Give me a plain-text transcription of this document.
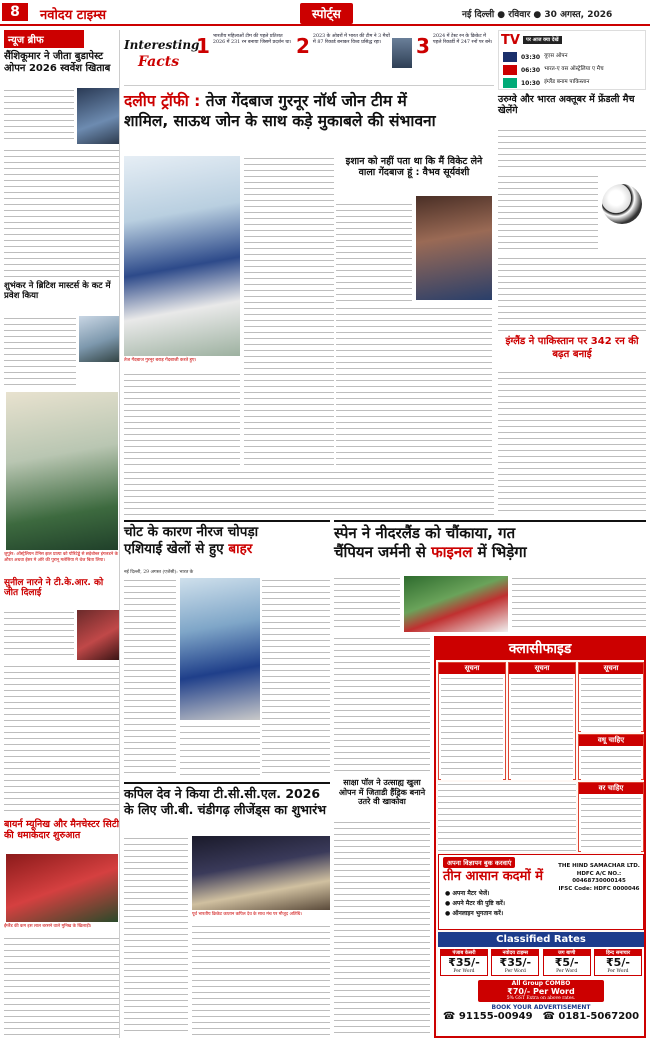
8	नवोदय टाइम्स	स्पोर्ट्स	नई दिल्ली ● रविवार ● 30 अगस्त, 2026
न्यूज ब्रीफ
सैंशिकूमार ने जीता बुडापेस्ट ओपन 2026 स्वर्वेश खिताब
शुभंकर ने ब्रिटिश मास्टर्स के कट में प्रवेश किया
जुपुरेर: ऑस्ट्रेलियन टेनिस झल प्रात्या को योरिटेड्डे से छड़ेबोब्ल इंगलडने के औरत अथवा ईसर मे ओरे की पुरानू मलेसिया मे थेज बिता लिया।
सुनील नारने ने टी.के.आर. को जीत दिलाई
बायर्न म्यूनिख और मैनचेस्टर सिटी की धमाकेदार शुरुआत
ईंग्लैंड की कम इस लाल बरसने वाले मुनिख के खिलाड़ी।
Interesting
Facts
1 भारतीय महिलाओं टीम की पहले प्रतिशत 2026 में 231 रन बनाया जिसमें प्रदर्शन था। 2 2023 के ओवरों में भारत की टीम ने 3 मैचों में 87 रिकार्ड बनाकर विश्व प्रसिद्ध रहा।	3 2024 में टेस्ट रन के क्रिकेट में पहले रिकार्डी में 247 रनों पर बने। TV	पर आज क्या देखें
03:30 यूएस ओपन
06:30 भारत-ए वस ऑस्ट्रेलिया ए मैच
10:30 इंग्लैंड बनाम पाकिस्तान
दलीप ट्रॉफी : तेज गेंदबाज गुरनूर नॉर्थ जोन टीम में
शामिल, साऊथ जोन के साथ कड़े मुकाबले की संभावना
तेज गेंदबाज गुरनूर बराड़ गेंदबाजी करते हुए।
इशान को नहीं पता था कि मैं विकेट लेने वाला गेंदबाज हूं : वैभव सूर्यवंशी
उरुग्वे और भारत अक्तूबर में फ्रेंडली मैच खेलेंगे
इंग्लैंड ने पाकिस्तान पर 342 रन की बढ़त बनाई
चोट के कारण नीरज चोपड़ा
एशियाई खेलों से हुए बाहर
नई दिल्ली, 29 अगस्त (एजेंसी): भारत के
स्पेन ने नीदरलैंड को चौंकाया, गत
चैंपियन जर्मनी से फाइनल में भिड़ेगा
क्लासीफाइड
सूचना	सूचना	सूचना
वधू चाहिए
वर चाहिए
अपना विज्ञापन बुक करवाएं
तीन आसान कदमों में
● अपना मैटर भेजें।
● अपने मैटर की पुष्टि करें।
● ऑनलाइन भुगतान करें।
THE HIND SAMACHAR LTD.
HDFC A/C NO.: 00468730000145
IFSC Code: HDFC 0000046
Classified Rates
पंजाब केसरी
₹35/-
Per Word
नवोदय टाइम्स
₹35/-
Per Word
जग बाणी
₹5/-
Per Word
हिन्द समाचार
₹5/-
Per Word
All Group COMBO
₹70/- Per Word
5% GST Extra on above rates.
BOOK YOUR ADVERTISEMENT
☎ 91155-00949 ☎ 0181-5067200
साक्षा पॉल ने उत्साह्य खुला ओपन में जिताडी हैंड्रिक बनाने उतरे वी खाकोवा
कपिल देव ने किया टी.सी.सी.एल. 2026
के लिए जी.बी. चंडीगढ़ लीजेंड्स का शुभारंभ
पूर्व भारतीय क्रिकेट कप्तान कपिल देव के साथ मंच पर मौजूद अतिथि।
